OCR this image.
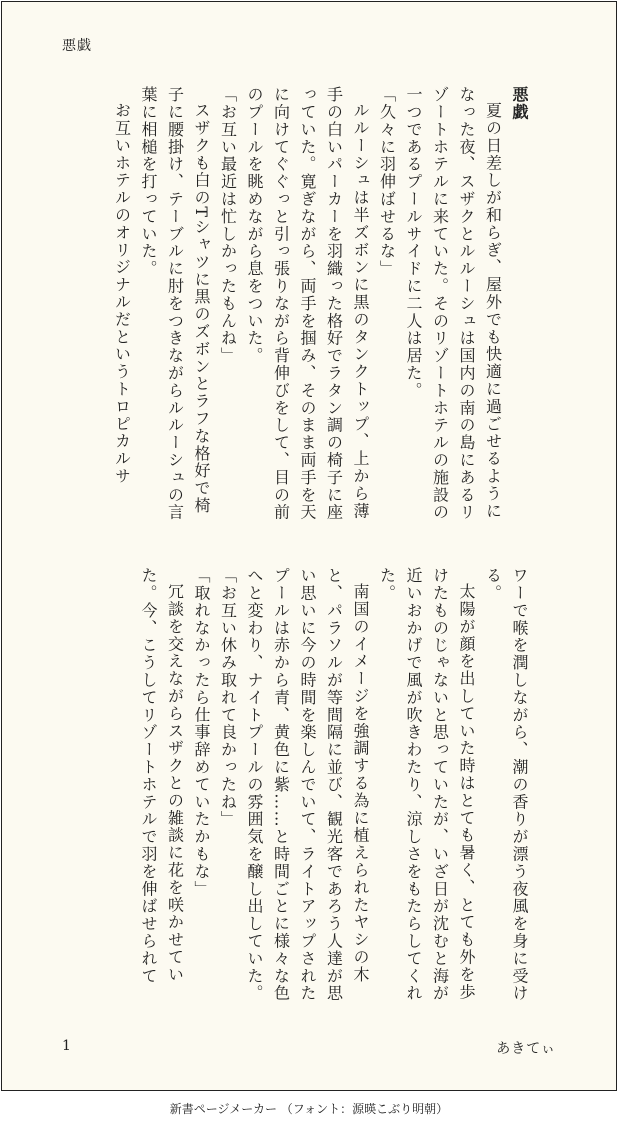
悪戯

悪戯

夏の日差しが和らぎ、屋外でも快適に過ごせるようになった夜、スザクとルルーシュは国内の南の島にあるリゾートホテルに来ていた。そのリゾートホテルの施設の一つであるプールサイドに二人は居た。

「久々に羽伸ばせるな」

ルルーシュは半ズボンに黒のタンクトップ、上から薄手の白いパーカーを羽織った格好でラタン調の椅子に座っていた。寛ぎながら、両手を掴み、そのまま両手を天に向けてぐぐっと引っ張りながら背伸びをして、目の前のプールを眺めながら息をついた。

「お互い最近は忙しかったもんね」

スザクも白のTシャツに黒のズボンとラフな格好で椅子に腰掛け、テーブルに肘をつきながらルルーシュの言葉に相槌を打っていた。

お互いホテルのオリジナルだというトロピカルサ

ワーで喉を潤しながら、潮の香りが漂う夜風を身に受ける。

太陽が顔を出していた時はとても暑く、とても外を歩けたものじゃないと思っていたが、いざ日が沈むと海が近いおかげで風が吹きわたり、涼しさをもたらしてくれた。

南国のイメージを強調する為に植えられたヤシの木と、パラソルが等間隔に並び、観光客であろう人達が思い思いに今の時間を楽しんでいて、ライトアップされたプールは赤から青、黄色に紫……と時間ごとに様々な色へと変わり、ナイトプールの雰囲気を醸し出していた。

「お互い休み取れて良かったね」

「取れなかったら仕事辞めていたかもな」

冗談を交えながらスザクとの雑談に花を咲かせていた。今、こうしてリゾートホテルで羽を伸ばせられて

1	あきてぃ
新書ページメーカー （フォント：源暎こぶり明朝）
